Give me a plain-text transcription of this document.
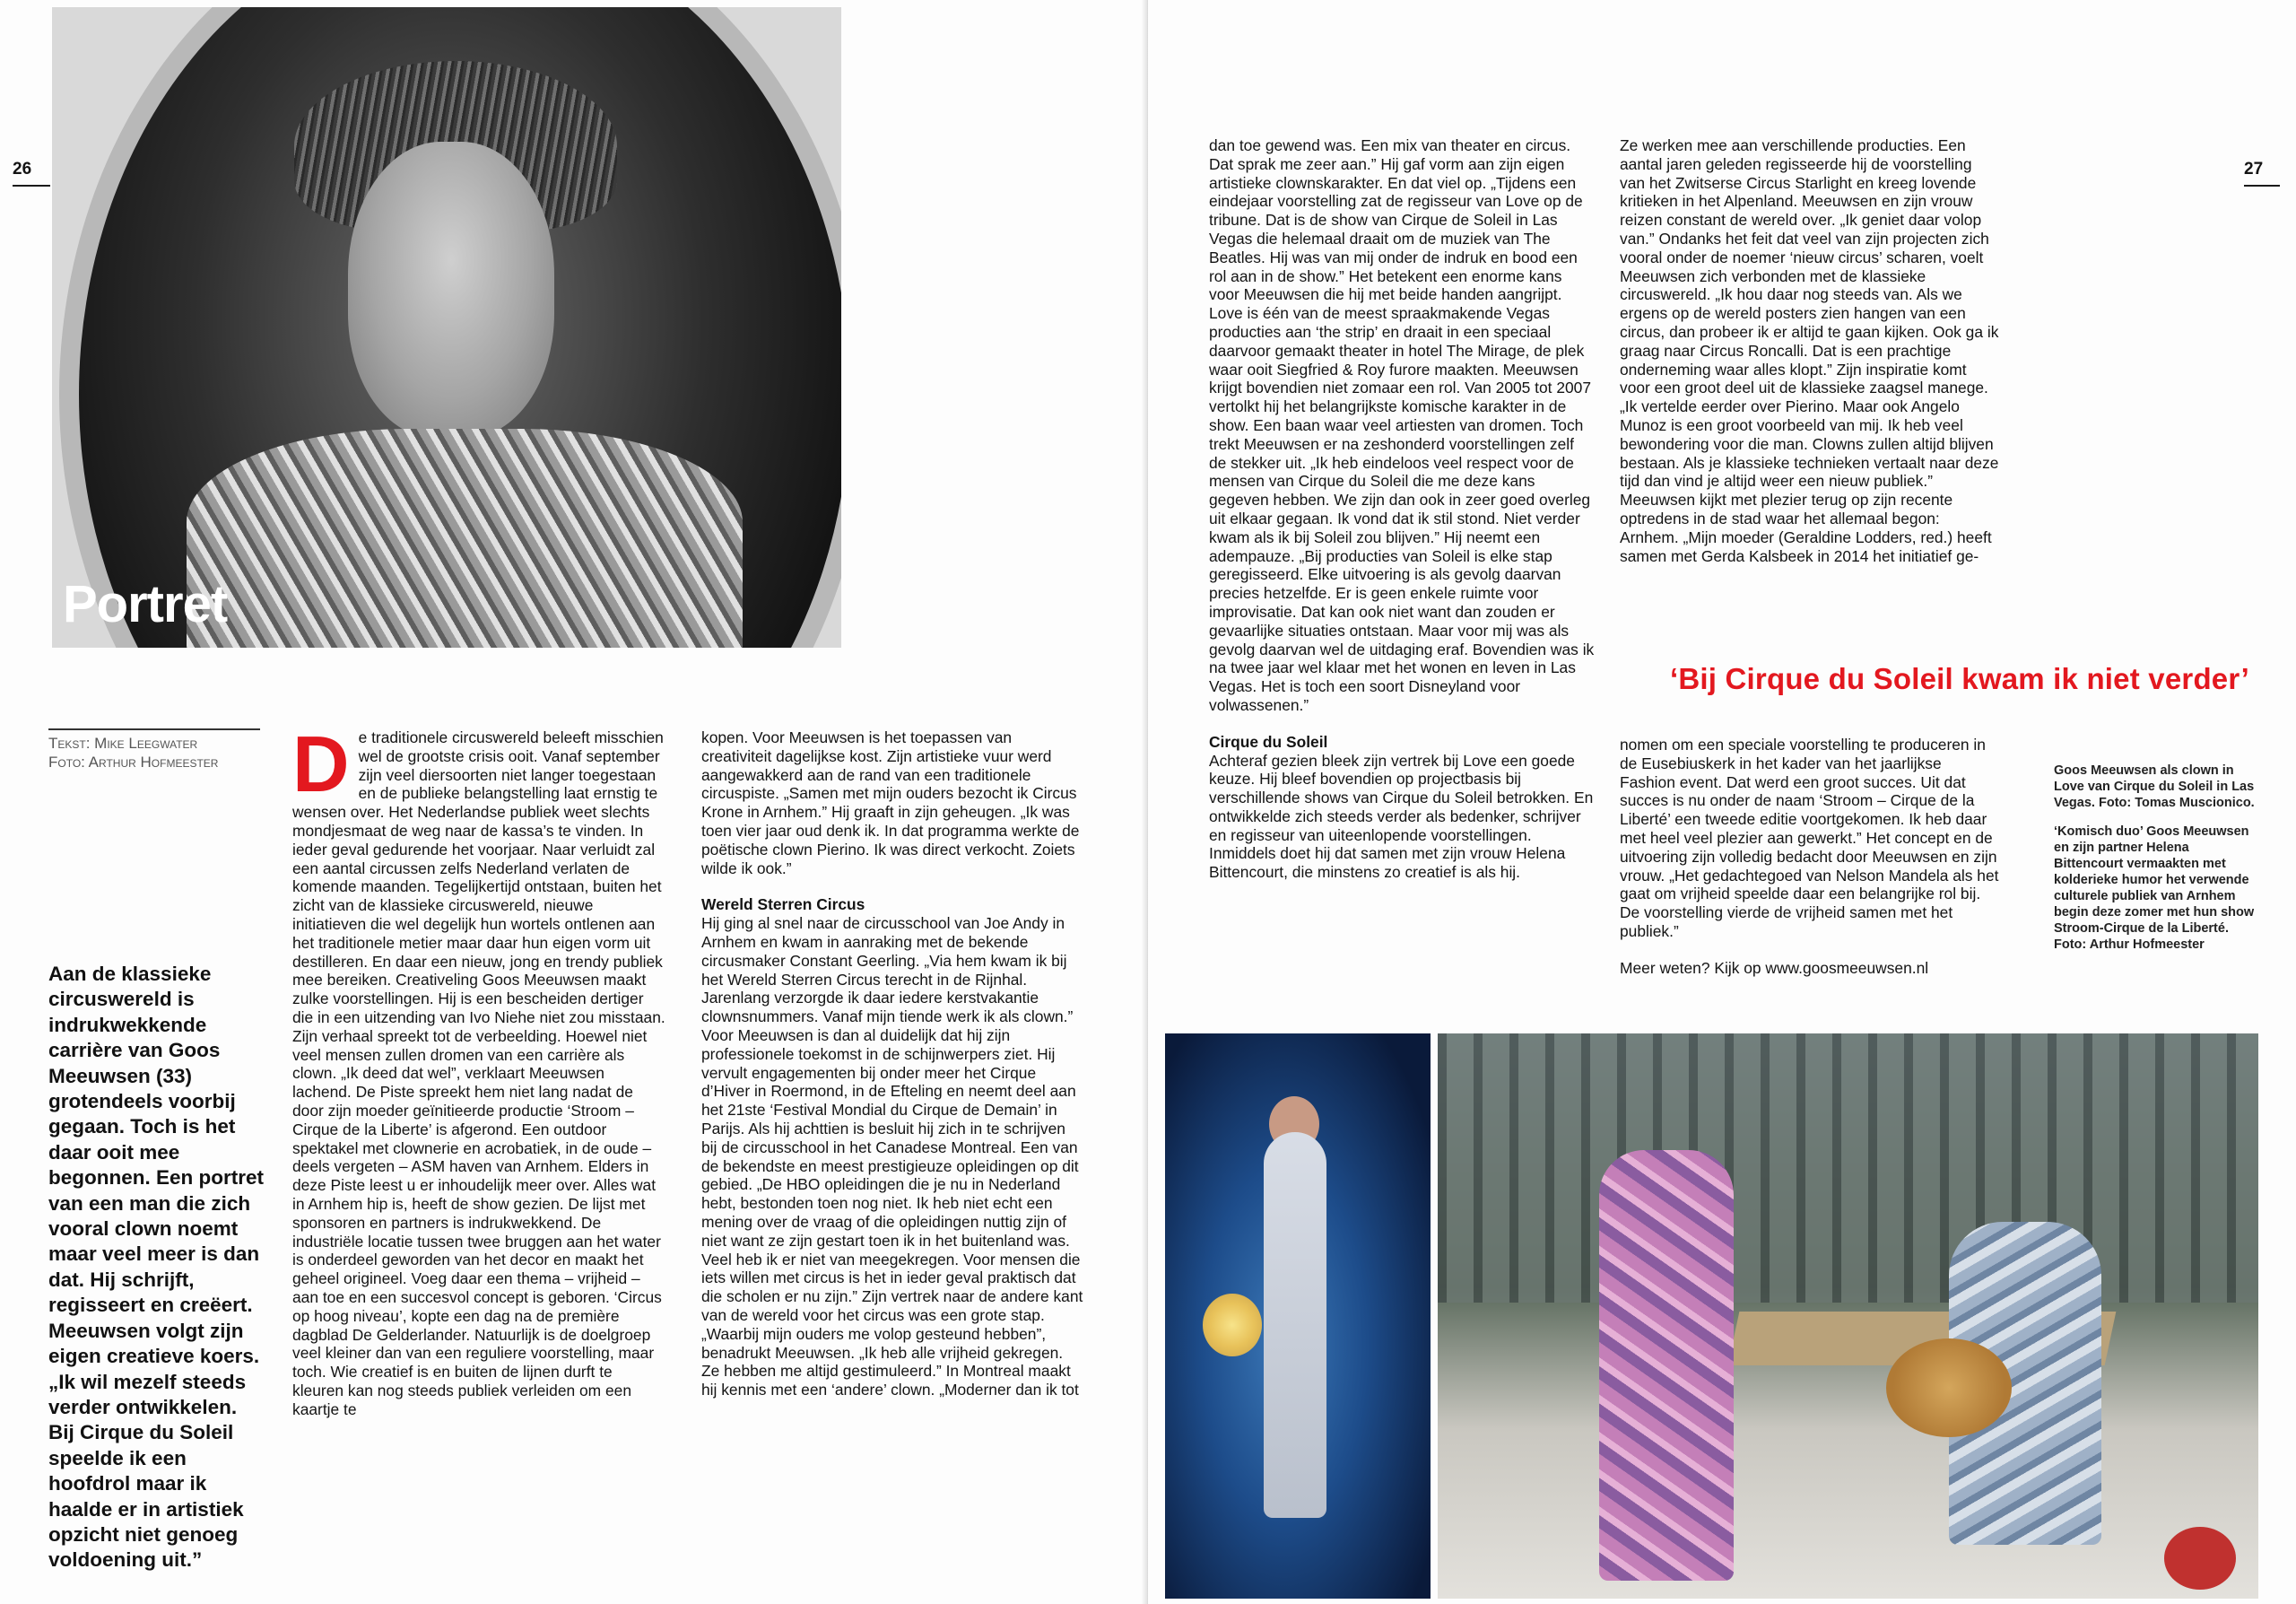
26
Portret
Tekst: Mike Leegwater
Foto: Arthur Hofmeester
Aan de klassieke circuswereld is indrukwekkende carrière van Goos Meeuwsen (33) grotendeels voorbij gegaan. Toch is het daar ooit mee begonnen. Een portret van een man die zich vooral clown noemt maar veel meer is dan dat. Hij schrijft, regisseert en creëert. Meeuwsen volgt zijn eigen creatieve koers. „Ik wil mezelf steeds verder ontwikkelen. Bij Cirque du Soleil speelde ik een hoofdrol maar ik haalde er in artistiek opzicht niet genoeg voldoening uit.”
D e traditionele circuswereld beleeft misschien wel de grootste crisis ooit. Vanaf september zijn veel diersoorten niet langer toegestaan en de publieke belangstelling laat ernstig te wensen over. Het Nederlandse publiek weet slechts mondjesmaat de weg naar de kassa’s te vinden. In ieder geval gedurende het voorjaar. Naar verluidt zal een aantal circussen zelfs Nederland verlaten de komende maanden. Tegelijkertijd ontstaan, buiten het zicht van de klassieke circuswereld, nieuwe initiatieven die wel degelijk hun wortels ontlenen aan het traditionele metier maar daar hun eigen vorm uit destilleren. En daar een nieuw, jong en trendy publiek mee bereiken. Creativeling Goos Meeuwsen maakt zulke voorstellingen. Hij is een bescheiden dertiger die in een uitzending van Ivo Niehe niet zou misstaan. Zijn verhaal spreekt tot de verbeelding. Hoewel niet veel mensen zullen dromen van een carrière als clown. „Ik deed dat wel”, verklaart Meeuwsen lachend. De Piste spreekt hem niet lang nadat de door zijn moeder geïnitieerde productie ‘Stroom – Cirque de la Liberte’ is afgerond. Een outdoor spektakel met clownerie en acrobatiek, in de oude – deels vergeten – ASM haven van Arnhem. Elders in deze Piste leest u er inhoudelijk meer over. Alles wat in Arnhem hip is, heeft de show gezien. De lijst met sponsoren en partners is indrukwekkend. De industriële locatie tussen twee bruggen aan het water is onderdeel geworden van het decor en maakt het geheel origineel. Voeg daar een thema – vrijheid – aan toe en een succesvol concept is geboren. ‘Circus op hoog niveau’, kopte een dag na de première dagblad De Gelderlander. Natuurlijk is de doelgroep veel kleiner dan van een reguliere voorstelling, maar toch. Wie creatief is en buiten de lijnen durft te kleuren kan nog steeds publiek verleiden om een kaartje te

kopen. Voor Meeuwsen is het toepassen van creativiteit dagelijkse kost. Zijn artistieke vuur werd aangewakkerd aan de rand van een traditionele circuspiste. „Samen met mijn ouders bezocht ik Circus Krone in Arnhem.” Hij graaft in zijn geheugen. „Ik was toen vier jaar oud denk ik. In dat programma werkte de poëtische clown Pierino. Ik was direct verkocht. Zoiets wilde ik ook.”

Wereld Sterren Circus

Hij ging al snel naar de circusschool van Joe Andy in Arnhem en kwam in aanraking met de bekende circusmaker Constant Geerling. „Via hem kwam ik bij het Wereld Sterren Circus terecht in de Rijnhal. Jarenlang verzorgde ik daar iedere kerstvakantie clownsnummers. Vanaf mijn tiende werk ik als clown.” Voor Meeuwsen is dan al duidelijk dat hij zijn professionele toekomst in de schijnwerpers ziet. Hij vervult engagementen bij onder meer het Cirque d’Hiver in Roermond, in de Efteling en neemt deel aan het 21ste ‘Festival Mondial du Cirque de Demain’ in Parijs. Als hij achttien is besluit hij zich in te schrijven bij de circusschool in het Canadese Montreal. Een van de bekendste en meest prestigieuze opleidingen op dit gebied. „De HBO opleidingen die je nu in Nederland hebt, bestonden toen nog niet. Ik heb niet echt een mening over de vraag of die opleidingen nuttig zijn of niet want ze zijn gestart toen ik in het buitenland was. Veel heb ik er niet van meegekregen. Voor mensen die iets willen met circus is het in ieder geval praktisch dat die scholen er nu zijn.” Zijn vertrek naar de andere kant van de wereld voor het circus was een grote stap. „Waarbij mijn ouders me volop gesteund hebben”, benadrukt Meeuwsen. „Ik heb alle vrijheid gekregen. Ze hebben me altijd gestimuleerd.” In Montreal maakt hij kennis met een ‘andere’ clown. „Moderner dan ik tot

27

dan toe gewend was. Een mix van theater en circus. Dat sprak me zeer aan.” Hij gaf vorm aan zijn eigen artistieke clownskarakter. En dat viel op. „Tijdens een eindejaar voorstelling zat de regisseur van Love op de tribune. Dat is de show van Cirque de Soleil in Las Vegas die helemaal draait om de muziek van The Beatles. Hij was van mij onder de indruk en bood een rol aan in de show.” Het betekent een enorme kans voor Meeuwsen die hij met beide handen aangrijpt. Love is één van de meest spraakmakende Vegas producties aan ‘the strip’ en draait in een speciaal daarvoor gemaakt theater in hotel The Mirage, de plek waar ooit Siegfried & Roy furore maakten. Meeuwsen krijgt bovendien niet zomaar een rol. Van 2005 tot 2007 vertolkt hij het belangrijkste komische karakter in de show. Een baan waar veel artiesten van dromen. Toch trekt Meeuwsen er na zeshonderd voorstellingen zelf de stekker uit. „Ik heb eindeloos veel respect voor de mensen van Cirque du Soleil die me deze kans gegeven hebben. We zijn dan ook in zeer goed overleg uit elkaar gegaan. Ik vond dat ik stil stond. Niet verder kwam als ik bij Soleil zou blijven.” Hij neemt een adempauze. „Bij producties van Soleil is elke stap geregisseerd. Elke uitvoering is als gevolg daarvan precies hetzelfde. Er is geen enkele ruimte voor improvisatie. Dat kan ook niet want dan zouden er gevaarlijke situaties ontstaan. Maar voor mij was als gevolg daarvan wel de uitdaging eraf. Bovendien was ik na twee jaar wel klaar met het wonen en leven in Las Vegas. Het is toch een soort Disneyland voor volwassenen.”

Cirque du Soleil

Achteraf gezien bleek zijn vertrek bij Love een goede keuze. Hij bleef bovendien op projectbasis bij verschillende shows van Cirque du Soleil betrokken. En ontwikkelde zich steeds verder als bedenker, schrijver en regisseur van uiteenlopende voorstellingen. Inmiddels doet hij dat samen met zijn vrouw Helena Bittencourt, die minstens zo creatief is als hij.

Ze werken mee aan verschillende producties. Een aantal jaren geleden regisseerde hij de voorstelling van het Zwitserse Circus Starlight en kreeg lovende kritieken in het Alpenland. Meeuwsen en zijn vrouw reizen constant de wereld over. „Ik geniet daar volop van.” Ondanks het feit dat veel van zijn projecten zich vooral onder de noemer ‘nieuw circus’ scharen, voelt Meeuwsen zich verbonden met de klassieke circuswereld. „Ik hou daar nog steeds van. Als we ergens op de wereld posters zien hangen van een circus, dan probeer ik er altijd te gaan kijken. Ook ga ik graag naar Circus Roncalli. Dat is een prachtige onderneming waar alles klopt.” Zijn inspiratie komt voor een groot deel uit de klassieke zaagsel manege. „Ik vertelde eerder over Pierino. Maar ook Angelo Munoz is een groot voorbeeld van mij. Ik heb veel bewondering voor die man. Clowns zullen altijd blijven bestaan. Als je klassieke technieken vertaalt naar deze tijd dan vind je altijd weer een nieuw publiek.” Meeuwsen kijkt met plezier terug op zijn recente optredens in de stad waar het allemaal begon: Arnhem. „Mijn moeder (Geraldine Lodders, red.) heeft samen met Gerda Kalsbeek in 2014 het initiatief ge-

‘Bij Cirque du Soleil kwam ik niet verder’

nomen om een speciale voorstelling te produceren in de Eusebiuskerk in het kader van het jaarlijkse Fashion event. Dat werd een groot succes. Uit dat succes is nu onder de naam ‘Stroom – Cirque de la Liberté’ een tweede editie voortgekomen. Ik heb daar met heel veel plezier aan gewerkt.” Het concept en de uitvoering zijn volledig bedacht door Meeuwsen en zijn vrouw. „Het gedachtegoed van Nelson Mandela als het gaat om vrijheid speelde daar een belangrijke rol bij. De voorstelling vierde de vrijheid samen met het publiek.”

Meer weten? Kijk op www.goosmeeuwsen.nl

Goos Meeuwsen als clown in Love van Cirque du Soleil in Las Vegas. Foto: Tomas Muscionico.

‘Komisch duo’ Goos Meeuwsen en zijn partner Helena Bittencourt vermaakten met kolderieke humor het verwende culturele publiek van Arnhem begin deze zomer met hun show Stroom-Cirque de la Liberté. Foto: Arthur Hofmeester
